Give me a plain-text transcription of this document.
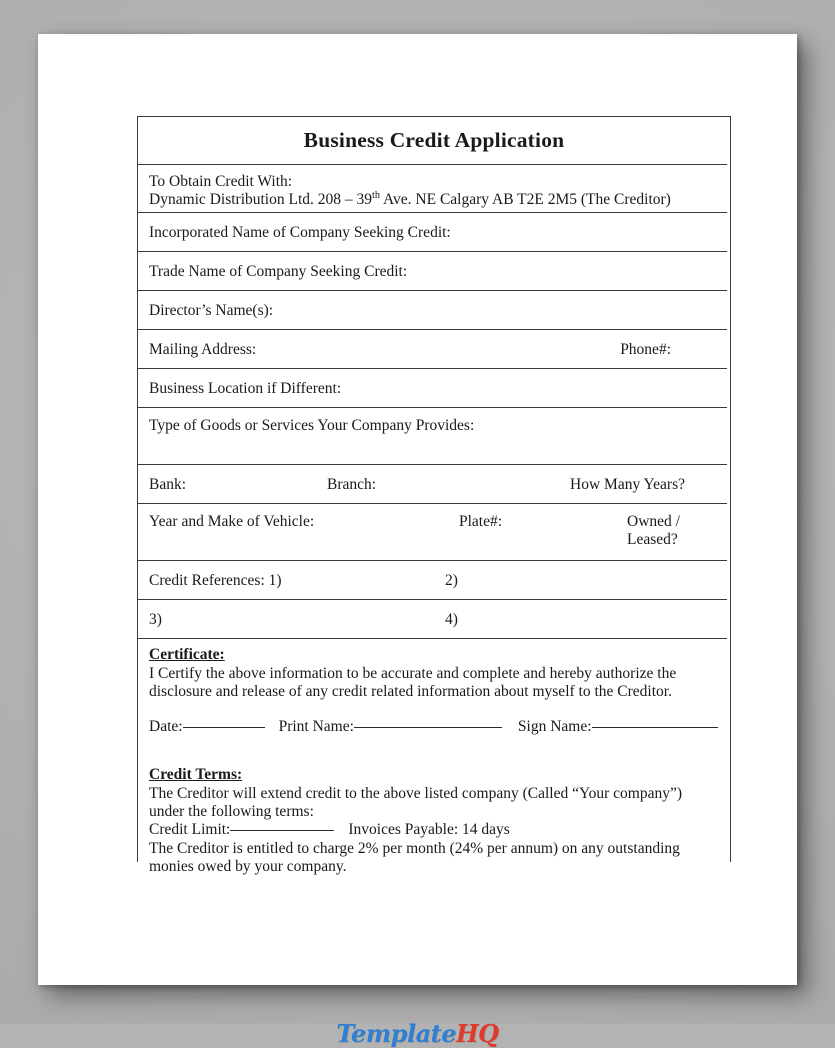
Business Credit Application
To Obtain Credit With:
Dynamic Distribution Ltd. 208 – 39th Ave. NE Calgary AB T2E 2M5 (The Creditor)
Incorporated Name of Company Seeking Credit:
Trade Name of Company Seeking Credit:
Director’s Name(s):
Mailing Address:	Phone#:
Business Location if Different:
Type of Goods or Services Your Company Provides:
Bank:	Branch:	How Many Years?
Year and Make of Vehicle:	Plate#:	Owned / Leased?
Credit References: 1)	2)
3)	4)
Certificate:

I Certify the above information to be accurate and complete and hereby authorize the disclosure and release of any credit related information about myself to the Creditor.

Date:	Print Name:	Sign Name:
Credit Terms:

The Creditor will extend credit to the above listed company (Called “Your company”) under the following terms:

Credit Limit:	Invoices Payable: 14 days

The Creditor is entitled to charge 2% per month (24% per annum) on any outstanding monies owed by your company.

TemplateHQ
